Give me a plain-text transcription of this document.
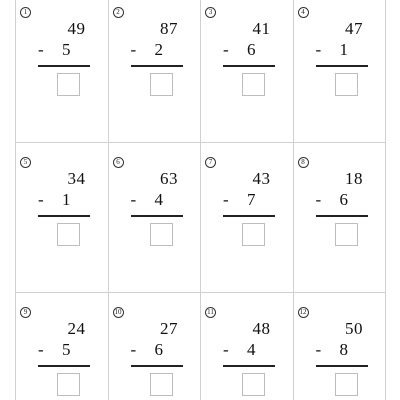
1
49
- 5
2
87
- 2
3
41
- 6
4
47
- 1
5
34
- 1
6
63
- 4
7
43
- 7
8
18
- 6
9
24
- 5
10
27
- 6
11
48
- 4
12
50
- 8
